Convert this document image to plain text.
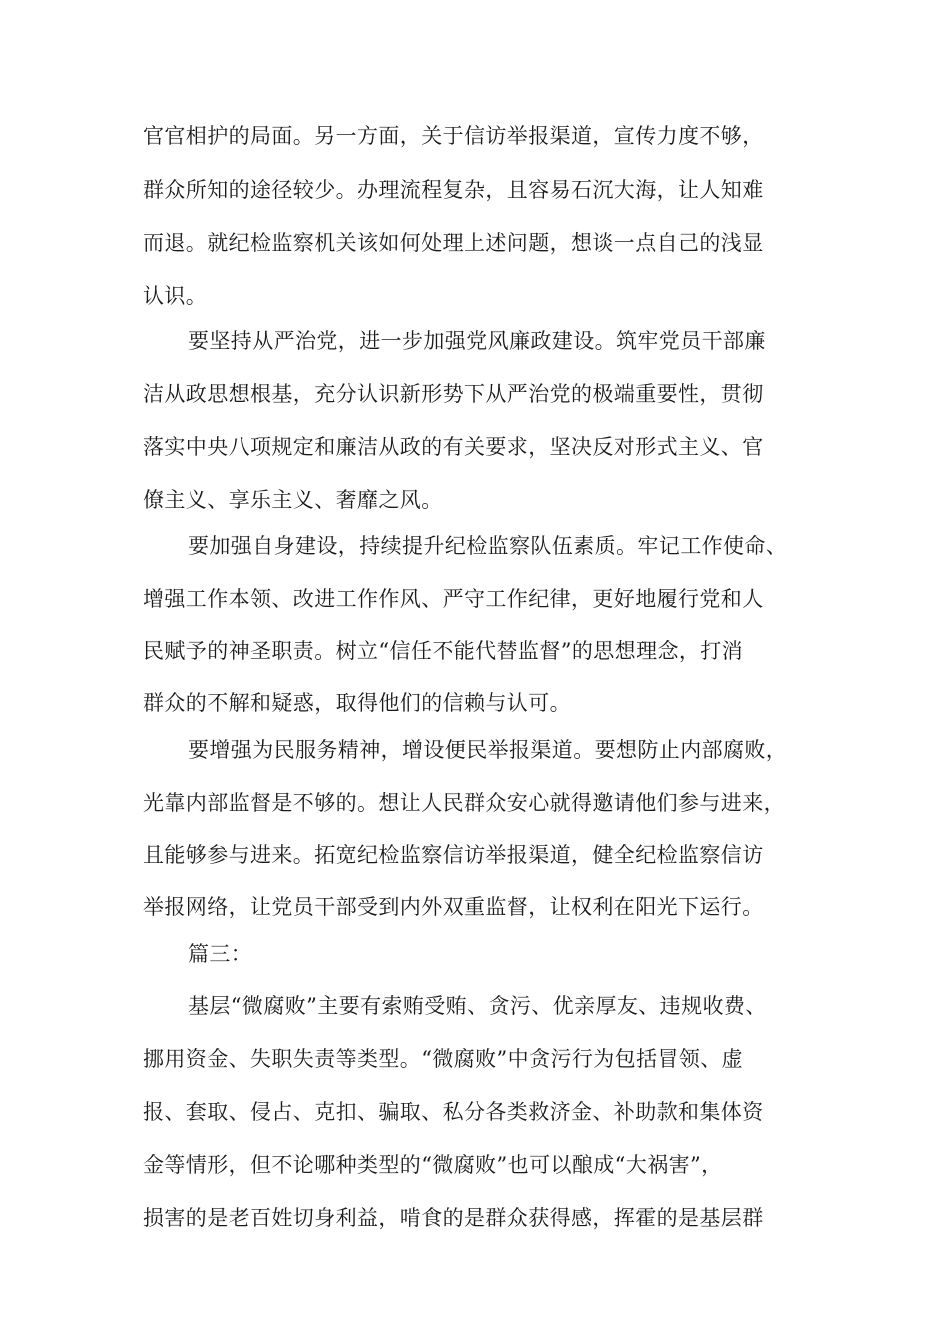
官官相护的局面。另一方面，关于信访举报渠道，宣传力度不够，
群众所知的途径较少。办理流程复杂，且容易石沉大海，让人知难
而退。就纪检监察机关该如何处理上述问题，想谈一点自己的浅显
认识。
要坚持从严治党，进一步加强党风廉政建设。筑牢党员干部廉
洁从政思想根基，充分认识新形势下从严治党的极端重要性，贯彻
落实中央八项规定和廉洁从政的有关要求，坚决反对形式主义、官
僚主义、享乐主义、奢靡之风。
要加强自身建设，持续提升纪检监察队伍素质。牢记工作使命、
增强工作本领、改进工作作风、严守工作纪律，更好地履行党和人
民赋予的神圣职责。树立“信任不能代替监督”的思想理念，打消
群众的不解和疑惑，取得他们的信赖与认可。
要增强为民服务精神，增设便民举报渠道。要想防止内部腐败，
光靠内部监督是不够的。想让人民群众安心就得邀请他们参与进来，
且能够参与进来。拓宽纪检监察信访举报渠道，健全纪检监察信访
举报网络，让党员干部受到内外双重监督，让权利在阳光下运行。
篇三：
基层“微腐败”主要有索贿受贿、贪污、优亲厚友、违规收费、
挪用资金、失职失责等类型。“微腐败”中贪污行为包括冒领、虚
报、套取、侵占、克扣、骗取、私分各类救济金、补助款和集体资
金等情形，但不论哪种类型的“微腐败”也可以酿成“大祸害”，
损害的是老百姓切身利益，啃食的是群众获得感，挥霍的是基层群
